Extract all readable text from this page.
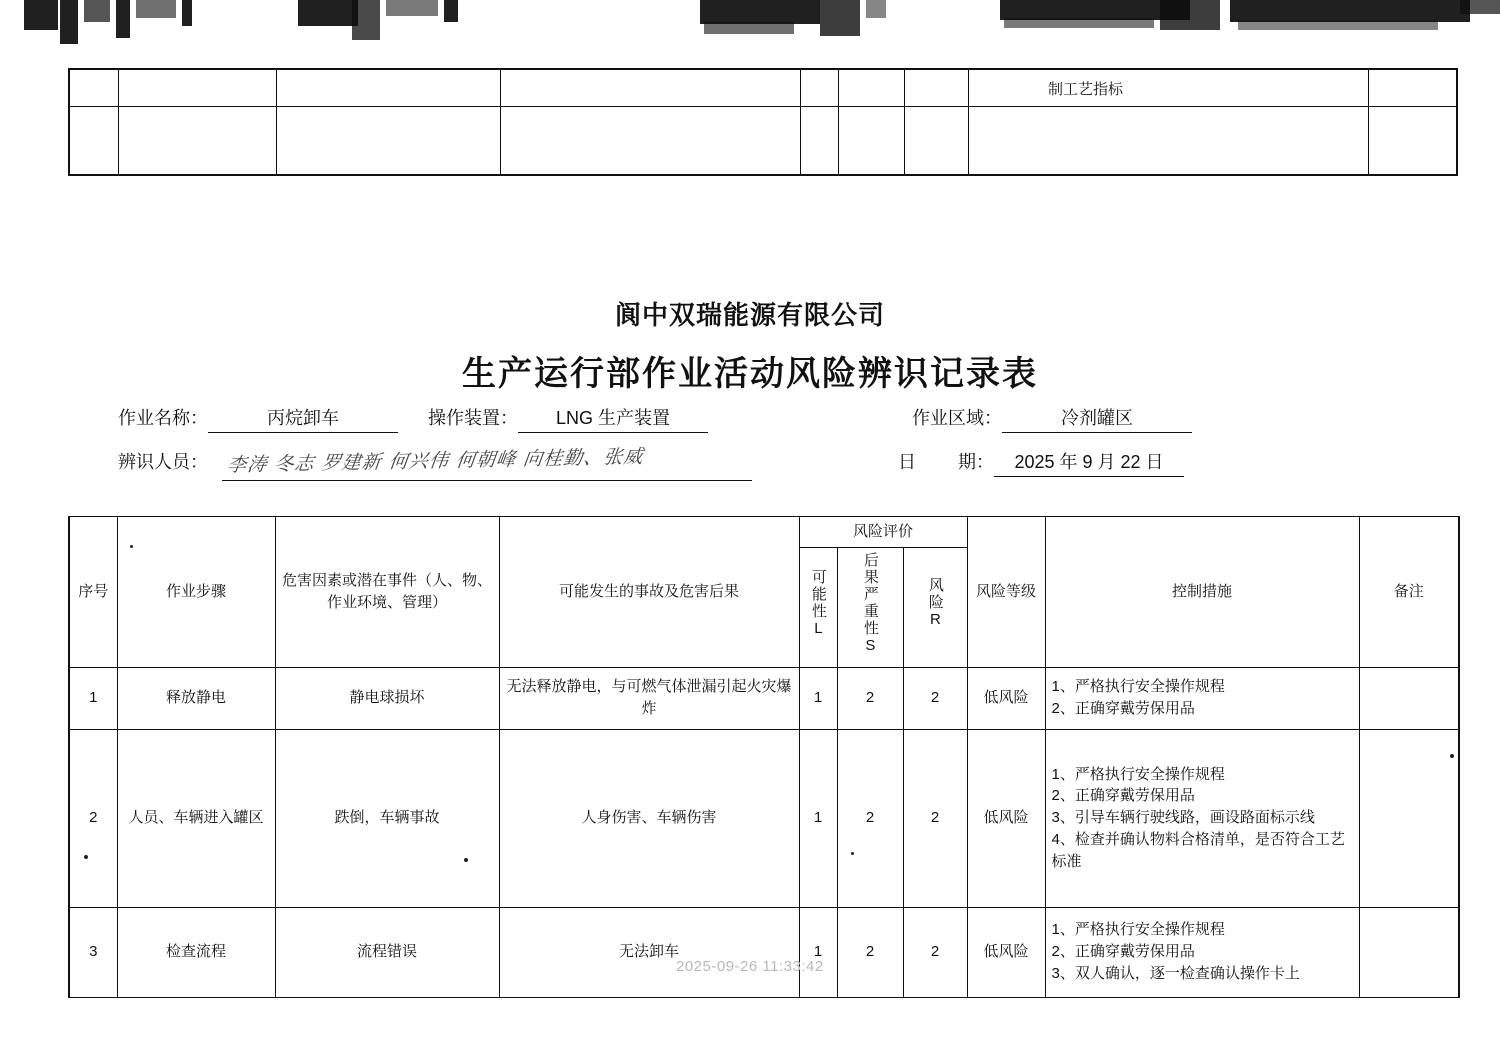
制工艺指标
阆中双瑞能源有限公司
生产运行部作业活动风险辨识记录表
作业名称：	丙烷卸车	操作装置： LNG 生产装置	作业区域：	冷剂罐区
辨识人员： 李涛 冬志 罗建新 何兴伟 何朝峰 向桂勤、张威	日 期： 2025 年 9 月 22 日
序号	作业步骤	危害因素或潜在事件（人、物、作业环境、管理）	可能发生的事故及危害后果	风险评价			风险等级	控制措施	备注
				可能性L	后果严重性S	风险R			
1	释放静电	静电球损坏	无法释放静电，与可燃气体泄漏引起火灾爆炸	1	2	2	低风险	1、严格执行安全操作规程
2、正确穿戴劳保用品	

2	人员、车辆进入罐区	跌倒，车辆事故	人身伤害、车辆伤害	1	2	2	低风险	1、严格执行安全操作规程
2、正确穿戴劳保用品
3、引导车辆行驶线路，画设路面标示线
4、检查并确认物料合格清单，是否符合工艺标准	

3	检查流程	流程错误	无法卸车	1	2	2	低风险	1、严格执行安全操作规程
2、正确穿戴劳保用品
3、双人确认，逐一检查确认操作卡上	

2025-09-26 11:33:42
